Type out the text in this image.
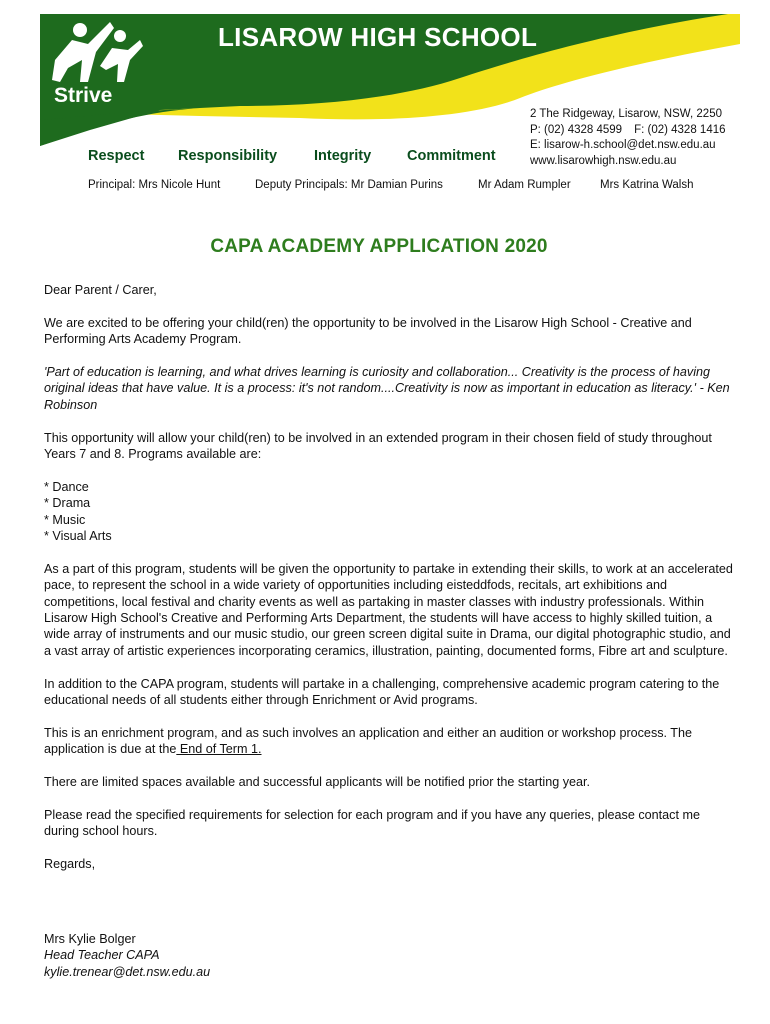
LISAROW HIGH SCHOOL
Strive
2 The Ridgeway, Lisarow, NSW, 2250
P: (02) 4328 4599 F: (02) 4328 1416
E: lisarow-h.school@det.nsw.edu.au
www.lisarowhigh.nsw.edu.au
Respect Responsibility	Integrity Commitment
Principal: Mrs Nicole Hunt	Deputy Principals: Mr Damian Purins	Mr Adam Rumpler	Mrs Katrina Walsh
CAPA ACADEMY APPLICATION 2020

Dear Parent / Carer,

We are excited to be offering your child(ren) the opportunity to be involved in the Lisarow High School - Creative and Performing Arts Academy Program.

'Part of education is learning, and what drives learning is curiosity and collaboration... Creativity is the process of having original ideas that have value. It is a process: it's not random....Creativity is now as important in education as literacy.' - Ken Robinson

This opportunity will allow your child(ren) to be involved in an extended program in their chosen field of study throughout Years 7 and 8. Programs available are:

* Dance
* Drama
* Music
* Visual Arts

As a part of this program, students will be given the opportunity to partake in extending their skills, to work at an accelerated pace, to represent the school in a wide variety of opportunities including eisteddfods, recitals, art exhibitions and competitions, local festival and charity events as well as partaking in master classes with industry professionals. Within Lisarow High School's Creative and Performing Arts Department, the students will have access to highly skilled tuition, a wide array of instruments and our music studio, our green screen digital suite in Drama, our digital photographic studio, and a vast array of artistic experiences incorporating ceramics, illustration, painting, documented forms, Fibre art and sculpture.

In addition to the CAPA program, students will partake in a challenging, comprehensive academic program catering to the educational needs of all students either through Enrichment or Avid programs.

This is an enrichment program, and as such involves an application and either an audition or workshop process. The application is due at the End of Term 1.

There are limited spaces available and successful applicants will be notified prior the starting year.

Please read the specified requirements for selection for each program and if you have any queries, please contact me during school hours.

Regards,

Mrs Kylie Bolger
Head Teacher CAPA
kylie.trenear@det.nsw.edu.au
